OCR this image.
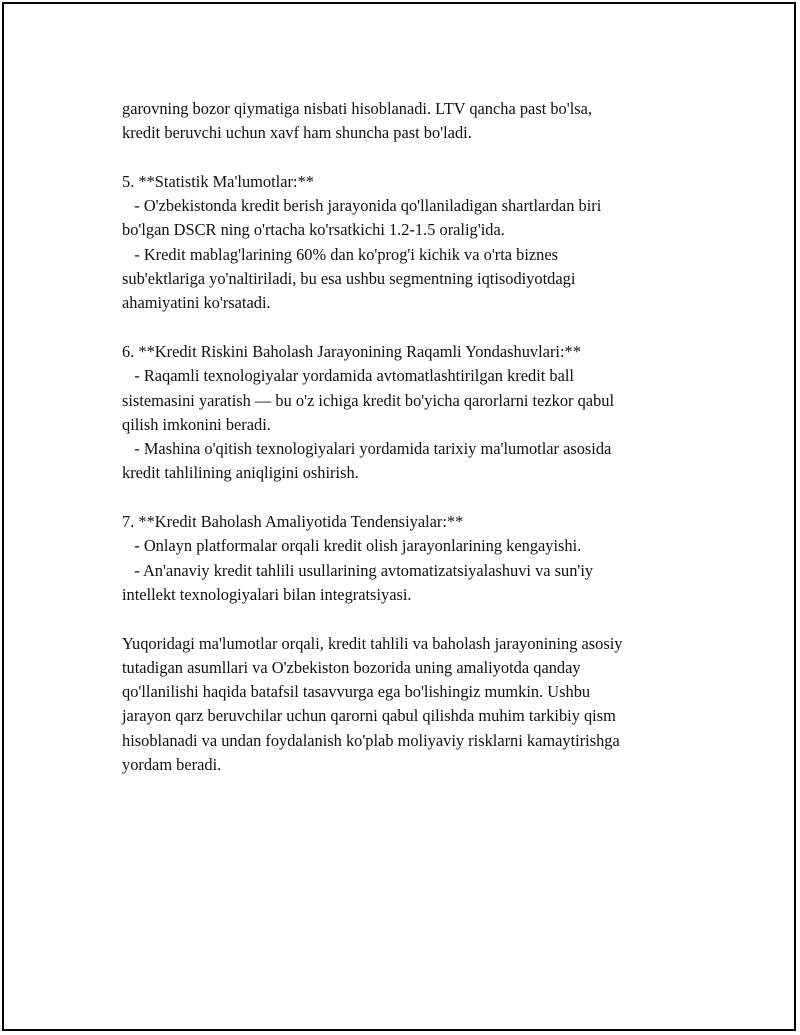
garovning bozor qiymatiga nisbati hisoblanadi. LTV qancha past bo'lsa,
kredit beruvchi uchun xavf ham shuncha past bo'ladi.
5. **Statistik Ma'lumotlar:**
- O'zbekistonda kredit berish jarayonida qo'llaniladigan shartlardan biri
bo'lgan DSCR ning o'rtacha ko'rsatkichi 1.2-1.5 oralig'ida.
- Kredit mablag'larining 60% dan ko'prog'i kichik va o'rta biznes
sub'ektlariga yo'naltiriladi, bu esa ushbu segmentning iqtisodiyotdagi
ahamiyatini ko'rsatadi.
6. **Kredit Riskini Baholash Jarayonining Raqamli Yondashuvlari:**
- Raqamli texnologiyalar yordamida avtomatlashtirilgan kredit ball
sistemasini yaratish — bu o'z ichiga kredit bo'yicha qarorlarni tezkor qabul
qilish imkonini beradi.
- Mashina o'qitish texnologiyalari yordamida tarixiy ma'lumotlar asosida
kredit tahlilining aniqligini oshirish.
7. **Kredit Baholash Amaliyotida Tendensiyalar:**
- Onlayn platformalar orqali kredit olish jarayonlarining kengayishi.
- An'anaviy kredit tahlili usullarining avtomatizatsiyalashuvi va sun'iy
intellekt texnologiyalari bilan integratsiyasi.
Yuqoridagi ma'lumotlar orqali, kredit tahlili va baholash jarayonining asosiy
tutadigan asumllari va O'zbekiston bozorida uning amaliyotda qanday
qo'llanilishi haqida batafsil tasavvurga ega bo'lishingiz mumkin. Ushbu
jarayon qarz beruvchilar uchun qarorni qabul qilishda muhim tarkibiy qism
hisoblanadi va undan foydalanish ko'plab moliyaviy risklarni kamaytirishga
yordam beradi.
